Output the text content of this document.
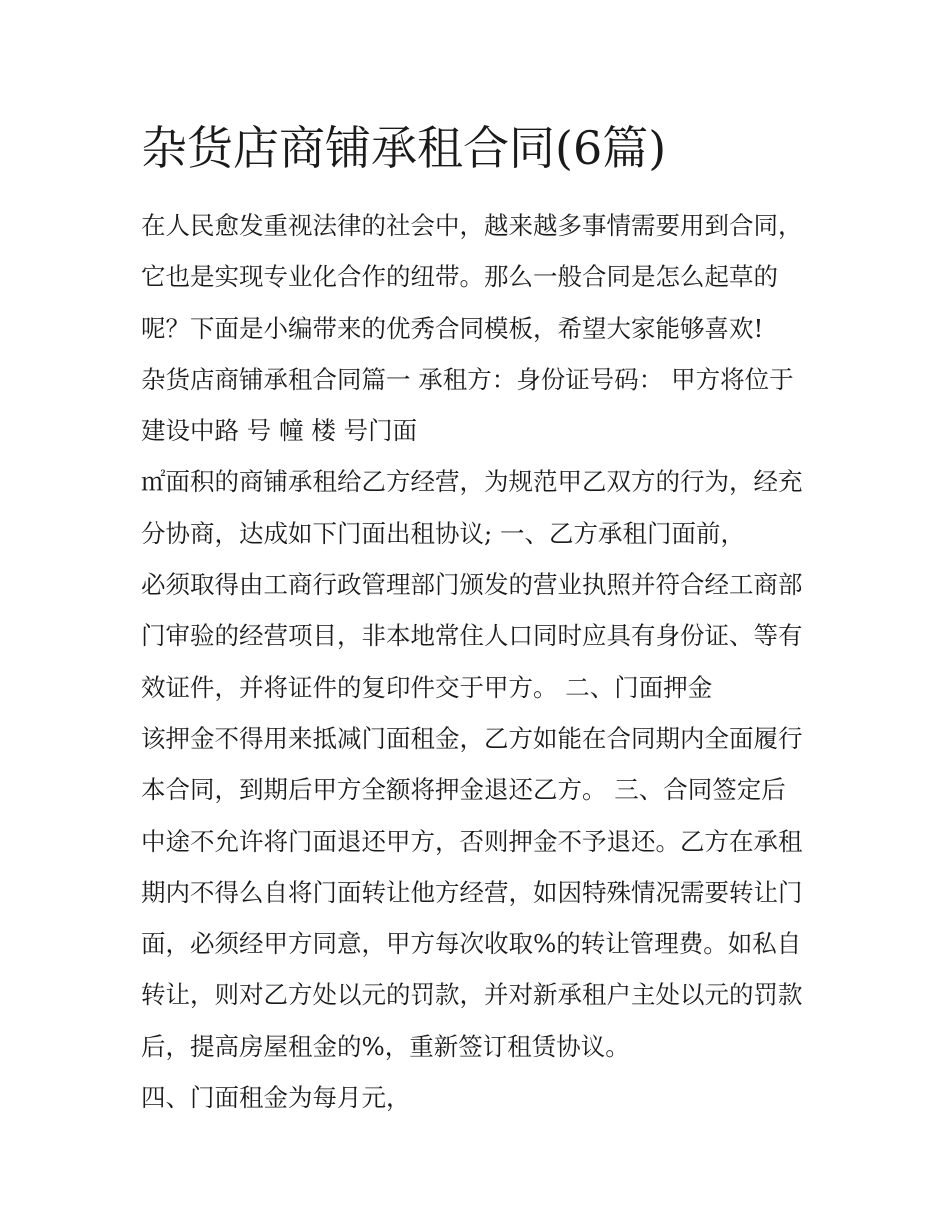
杂货店商铺承租合同(6篇)
在人民愈发重视法律的社会中，越来越多事情需要用到合同，
它也是实现专业化合作的纽带。那么一般合同是怎么起草的
呢？下面是小编带来的优秀合同模板，希望大家能够喜欢!
杂货店商铺承租合同篇一 承租方：身份证号码： 甲方将位于
建设中路 号 幢 楼 号门面
㎡面积的商铺承租给乙方经营，为规范甲乙双方的行为，经充
分协商，达成如下门面出租协议; 一、乙方承租门面前，
必须取得由工商行政管理部门颁发的营业执照并符合经工商部
门审验的经营项目，非本地常住人口同时应具有身份证、等有
效证件，并将证件的复印件交于甲方。 二、门面押金
该押金不得用来抵减门面租金，乙方如能在合同期内全面履行
本合同，到期后甲方全额将押金退还乙方。 三、合同签定后
中途不允许将门面退还甲方，否则押金不予退还。乙方在承租
期内不得么自将门面转让他方经营，如因特殊情况需要转让门
面，必须经甲方同意，甲方每次收取%的转让管理费。如私自
转让，则对乙方处以元的罚款，并对新承租户主处以元的罚款
后，提高房屋租金的%，重新签订租赁协议。
四、门面租金为每月元，
